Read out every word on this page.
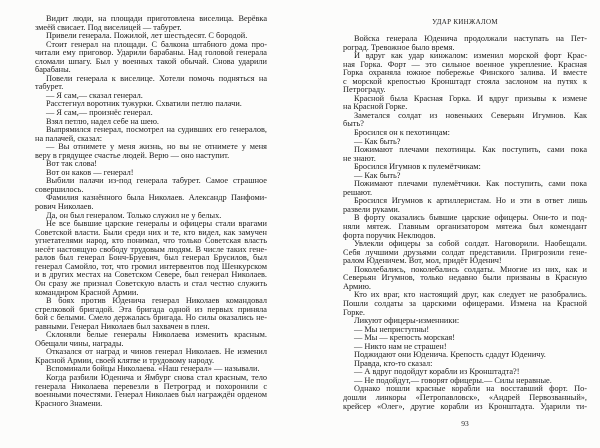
УДАР КИНЖАЛОМ
Видит люди, на площади приготовлена виселица. Верёвка
змеёй свисает. Под виселицей — табурет.
Привели генерала. Пожилой, лет шестьдесят. С бородой.
Стоит генерал на площади. С балкона штабного дома про-
читали ему приговор. Ударили барабаны. Над головой генерала
сломали шпагу. Был у военных такой обычай. Снова ударили
барабаны.
Повели генерала к виселице. Хотели помочь подняться на
табурет.
— Я сам,— сказал генерал.
Расстегнул воротник тужурки. Схватили петлю палачи.
— Я сам,— произнёс генерал.
Взял петлю, надел себе на шею.
Выпрямился генерал, посмотрел на судивших его генералов,
на палачей, сказал:
— Вы отнимете у меня жизнь, но вы не отнимете у меня
веру в грядущее счастье людей. Верю — оно наступит.
Вот так слова!
Вот он каков — генерал!
Выбили палачи из-под генерала табурет. Самое страшное
совершилось.
Фамилия казнённого была Николаев. Александр Панфоми-
рович Николаев.
Да, он был генералом. Только служил не у белых.
Не все бывшие царские генералы и офицеры стали врагами
Советской власти. Были среди них и те, кто видел, как замучен
угнетателями народ, кто понимал, что только Советская власть
несёт настоящую свободу трудовым людям. В числе таких гене-
ралов был генерал Бонч-Бруевич, был генерал Брусилов, был
генерал Самойло, тот, что громил интервентов под Шенкурском
и в других местах на Советском Севере, был генерал Николаев.
Он сразу же признал Советскую власть и стал честно служить
командиром Красной Армии.
В боях против Юденича генерал Николаев командовал
стрелковой бригадой. Эта бригада одной из первых приняла
бой с белыми. Смело держалась бригада. Но силы оказались не-
равными. Генерал Николаев был захвачен в плен.
Склоняли белые генералы Николаева изменить красным.
Обещали чины, награды.
Отказался от наград и чинов генерал Николаев. Не изменил
Красной Армии, своей клятве и трудовому народу.
Вспоминали бойцы Николаева. «Наш генерал» — называли.
Когда разбили Юденича и Ямбург снова стал красным, тело
генерала Николаева перевезли в Петроград и похоронили с
военными почестями. Генерал Николаев был награждён орденом
Красного Знамени.
Войска генерала Юденича продолжали наступать на Пет-
роград. Тревожное было время.
И вдруг как удар кинжалом: изменил морской форт Крас-
ная Горка. Форт — это сильное военное укрепление. Красная
Горка охраняла южное побережье Финского залива. И вместе
с морской крепостью Кронштадт стояла заслоном на путях к
Петрограду.
Красной была Красная Горка. И вдруг призывы к измене
на Красной Горке.
Заметался солдат из новеньких Северьян Игумнов. Как
быть?
Бросился он к пехотинцам:
— Как быть?
Пожимают плечами пехотинцы. Как поступить, сами пока
не знают.
Бросился Игумнов к пулемётчикам:
— Как быть?
Пожимают плечами пулемётчики. Как поступить, сами пока
решают.
Бросился Игумнов к артиллеристам. Но и эти в ответ лишь
развели руками.
В форту оказались бывшие царские офицеры. Они-то и под-
няли мятеж. Главным организатором мятежа был комендант
форта поручик Неклюдов.
Увлекли офицеры за собой солдат. Наговорили. Наобещали.
Себя лучшими друзьями солдат представили. Пригрозили гене-
ралом Юденичем. Вот, мол, придёт Юденич!
Поколебались, поколебались солдаты. Многие из них, как и
Северьян Игумнов, только недавно были призваны в Красную
Армию.
Кто их враг, кто настоящий друг, как следует не разобрались.
Пошли солдаты за царскими офицерами. Измена на Красной
Горке.
Ликуют офицеры-изменники:
— Мы неприступны!
— Мы — крепость морская!
— Никто нам не страшен!
Поджидают они Юденича. Крепость сдадут Юденичу.
Правда, кто-то сказал:
— А вдруг подойдут корабли из Кронштадта?!
— Не подойдут,— говорят офицеры.— Силы неравные.
Однако пошли красные корабли на восставший форт. По-
дошли линкоры «Петропавловск», «Андрей Первозванный»,
крейсер «Олег», другие корабли из Кронштадта. Ударили ти-
93
